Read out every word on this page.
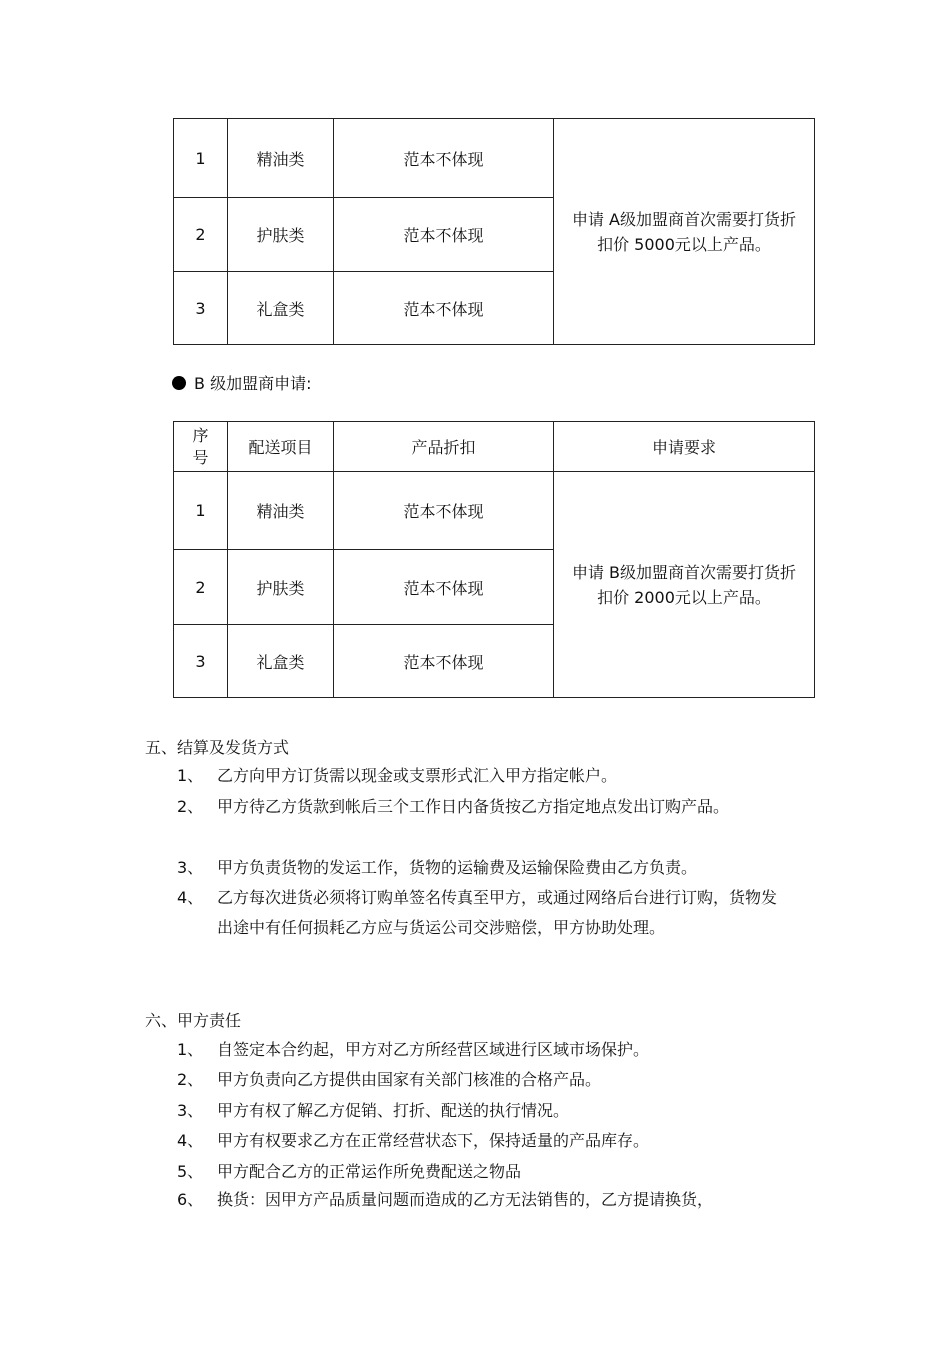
1	精油类	范本不体现	申请 A级加盟商首次需要打货折扣价 5000元以上产品。
2	护肤类	范本不体现	
3	礼盒类	范本不体现	
B 级加盟商申请:
序号	配送项目	产品折扣	申请要求
1	精油类	范本不体现	申请 B级加盟商首次需要打货折扣价 2000元以上产品。
2	护肤类	范本不体现	
3	礼盒类	范本不体现	
五、结算及发货方式
1、 乙方向甲方订货需以现金或支票形式汇入甲方指定帐户。
2、 甲方待乙方货款到帐后三个工作日内备货按乙方指定地点发出订购产品。
3、 甲方负责货物的发运工作，货物的运输费及运输保险费由乙方负责。
4、 乙方每次进货必须将订购单签名传真至甲方，或通过网络后台进行订购，货物发出途中有任何损耗乙方应与货运公司交涉赔偿，甲方协助处理。
六、甲方责任
1、 自签定本合约起，甲方对乙方所经营区域进行区域市场保护。
2、 甲方负责向乙方提供由国家有关部门核准的合格产品。
3、 甲方有权了解乙方促销、打折、配送的执行情况。
4、 甲方有权要求乙方在正常经营状态下，保持适量的产品库存。
5、 甲方配合乙方的正常运作所免费配送之物品
6、 换货：因甲方产品质量问题而造成的乙方无法销售的，乙方提请换货，
